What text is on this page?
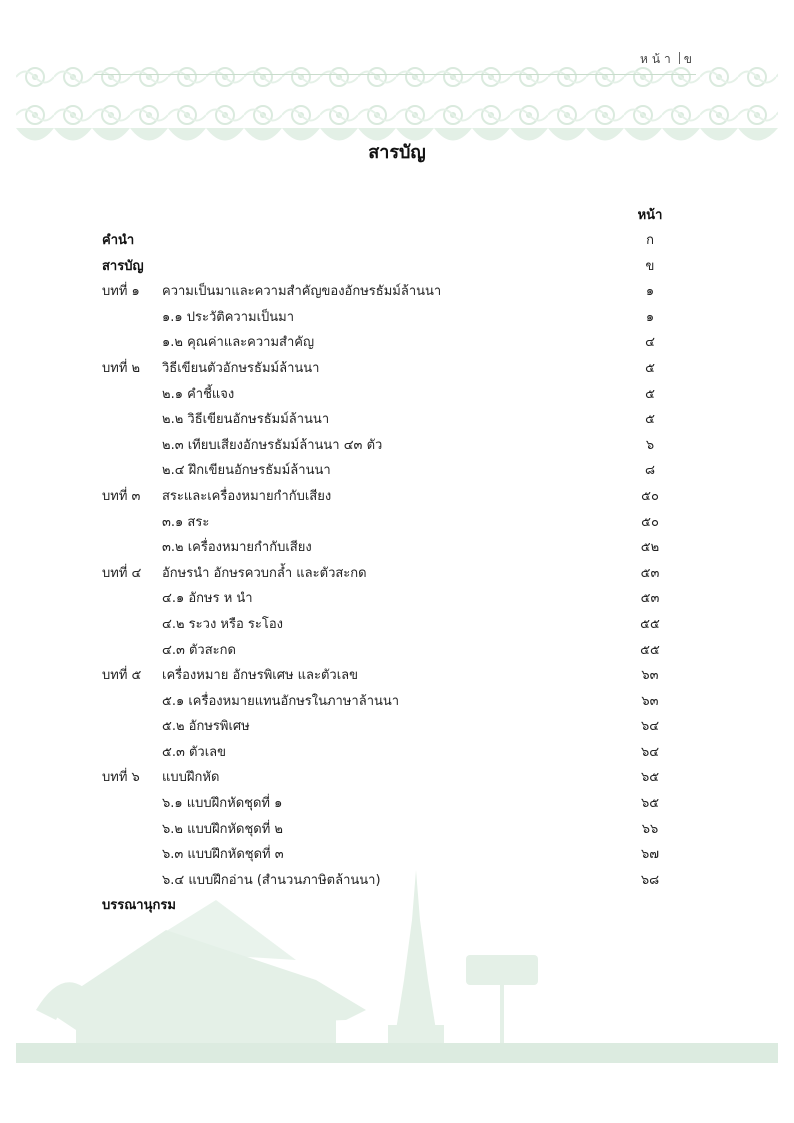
หน้า ข
สารบัญ
หน้า
คำนำ	ก
สารบัญ	ข
บทที่ ๑ ความเป็นมาและความสำคัญของอักษรธัมม์ล้านนา	๑
๑.๑ ประวัติความเป็นมา	๑
๑.๒ คุณค่าและความสำคัญ	๔
บทที่ ๒ วิธีเขียนตัวอักษรธัมม์ล้านนา	๕
๒.๑ คำชี้แจง	๕
๒.๒ วิธีเขียนอักษรธัมม์ล้านนา	๕
๒.๓ เทียบเสียงอักษรธัมม์ล้านนา ๔๓ ตัว	๖
๒.๔ ฝึกเขียนอักษรธัมม์ล้านนา	๘
บทที่ ๓ สระและเครื่องหมายกำกับเสียง	๕๐
๓.๑ สระ	๕๐
๓.๒ เครื่องหมายกำกับเสียง	๕๒
บทที่ ๔ อักษรนำ อักษรควบกล้ำ และตัวสะกด	๕๓
๔.๑ อักษร ห นำ	๕๓
๔.๒ ระวง หรือ ระโอง	๕๕
๔.๓ ตัวสะกด	๕๕
บทที่ ๕ เครื่องหมาย อักษรพิเศษ และตัวเลข	๖๓
๕.๑ เครื่องหมายแทนอักษรในภาษาล้านนา	๖๓
๕.๒ อักษรพิเศษ	๖๔
๕.๓ ตัวเลข	๖๔
บทที่ ๖ แบบฝึกหัด	๖๕
๖.๑ แบบฝึกหัดชุดที่ ๑	๖๕
๖.๒ แบบฝึกหัดชุดที่ ๒	๖๖
๖.๓ แบบฝึกหัดชุดที่ ๓	๖๗
๖.๔ แบบฝึกอ่าน (สำนวนภาษิตล้านนา)	๖๘
บรรณานุกรม
